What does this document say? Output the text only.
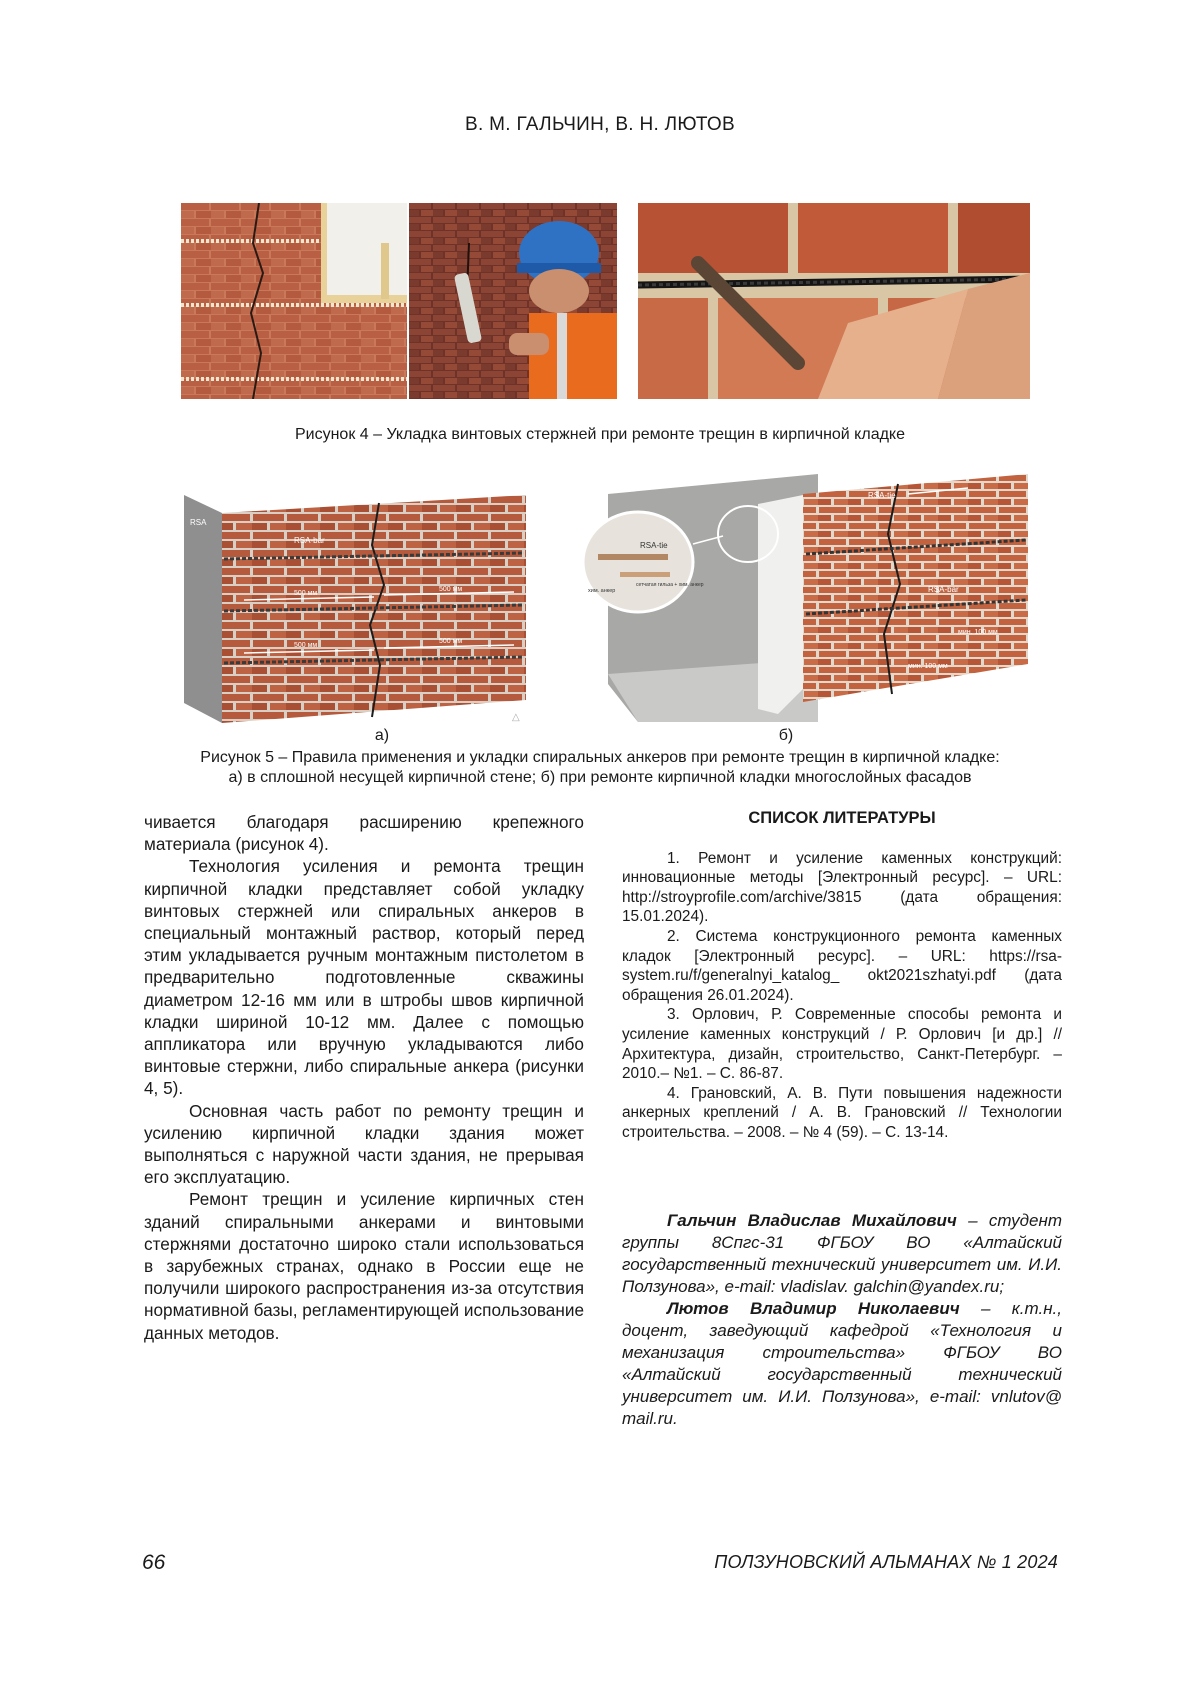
В. М. ГАЛЬЧИН, В. Н. ЛЮТОВ
Рисунок 4 – Укладка винтовых стержней при ремонте трещин в кирпичной кладке
RSA
RSA-bar
500 мм
500 мм
500 мм
500 мм
RSA
RSA-tie
RSA-bar
RSA-tie
хим. анкер
сетчатая гильза + хим. анкер
мин. 100 мм
мин. 100 мм
а)
△
б)
Рисунок 5 – Правила применения и укладки спиральных анкеров при ремонте трещин в кирпичной кладке:
а) в сплошной несущей кирпичной стене; б) при ремонте кирпичной кладки многослойных фасадов

чивается благодаря расширению крепежного материала (рисунок 4).

Технология усиления и ремонта трещин кирпичной кладки представляет собой укладку винтовых стержней или спиральных анкеров в специальный монтажный раствор, который перед этим укладывается ручным монтажным пистолетом в предварительно подготовленные скважины диаметром 12-16 мм или в штробы швов кирпичной кладки шириной 10-12 мм. Далее с помощью аппликатора или вручную укладываются либо винтовые стержни, либо спиральные анкера (рисунки 4, 5).

Основная часть работ по ремонту трещин и усилению кирпичной кладки здания может выполняться с наружной части здания, не прерывая его эксплуатацию.

Ремонт трещин и усиление кирпичных стен зданий спиральными анкерами и винтовыми стержнями достаточно широко стали использоваться в зарубежных странах, однако в России еще не получили широкого распространения из-за отсутствия нормативной базы, регламентирующей использование данных методов.

СПИСОК ЛИТЕРАТУРЫ

1. Ремонт и усиление каменных конструкций: инновационные методы [Электронный ресурс]. – URL: http://stroyprofile.com/archive/3815 (дата обращения: 15.01.2024).

2. Система конструкционного ремонта каменных кладок [Электронный ресурс]. – URL: https://rsa-system.ru/f/generalnyi_katalog_ okt2021szhatyi.pdf (дата обращения 26.01.2024).

3. Орлович, Р. Современные способы ремонта и усиление каменных конструкций / Р. Орлович [и др.] // Архитектура, дизайн, строительство, Санкт-Петербург. – 2010.– №1. – С. 86-87.

4. Грановский, А. В. Пути повышения надежности анкерных креплений / А. В. Грановский // Технологии строительства. – 2008. – № 4 (59). – С. 13-14.

Гальчин Владислав Михайлович – студент группы 8Спгс-31 ФГБОУ ВО «Алтайский государственный технический университет им. И.И. Ползунова», e-mail: vladislav. galchin@yandex.ru;

Лютов Владимир Николаевич – к.т.н., доцент, заведующий кафедрой «Технология и механизация строительства» ФГБОУ ВО «Алтайский государственный технический университет им. И.И. Ползунова», e-mail: vnlutov@ mail.ru.

66	ПОЛЗУНОВСКИЙ АЛЬМАНАХ № 1 2024
